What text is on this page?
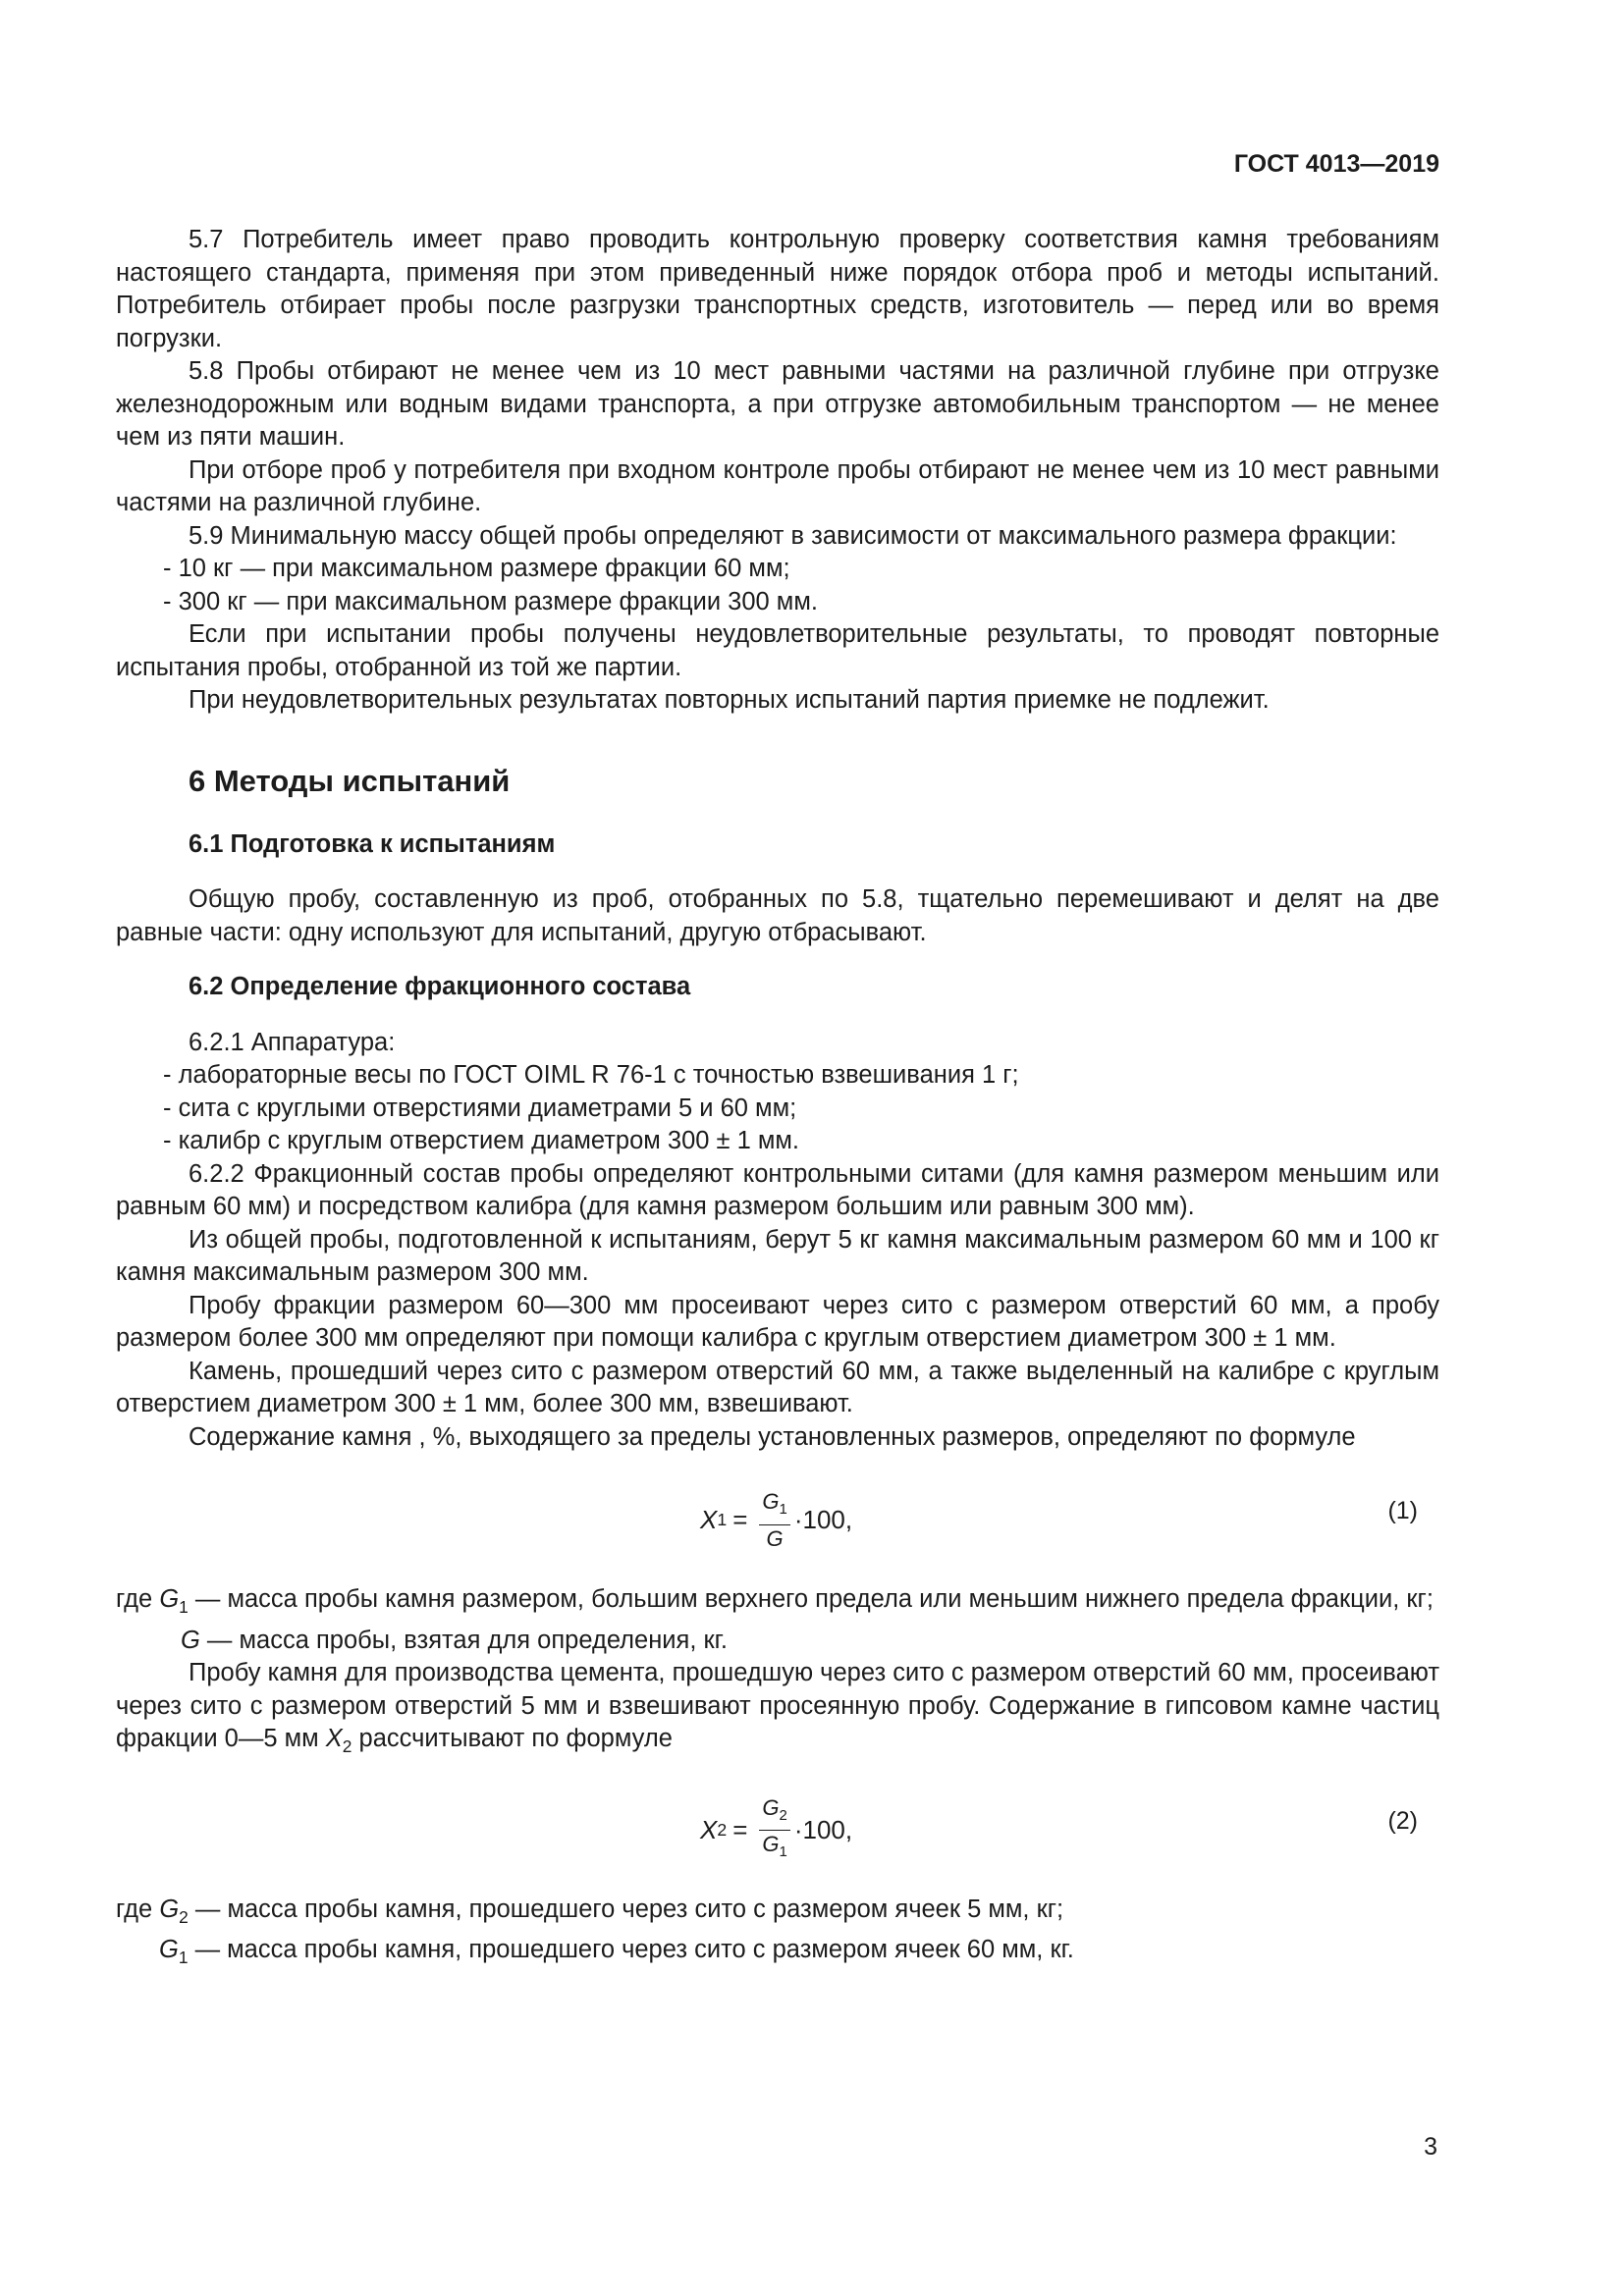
ГОСТ 4013—2019

5.7 Потребитель имеет право проводить контрольную проверку соответствия камня требованиям настоящего стандарта, применяя при этом приведенный ниже порядок отбора проб и методы испытаний. Потребитель отбирает пробы после разгрузки транспортных средств, изготовитель — перед или во время погрузки.

5.8 Пробы отбирают не менее чем из 10 мест равными частями на различной глубине при отгрузке железнодорожным или водным видами транспорта, а при отгрузке автомобильным транспортом — не менее чем из пяти машин.

При отборе проб у потребителя при входном контроле пробы отбирают не менее чем из 10 мест равными частями на различной глубине.

5.9 Минимальную массу общей пробы определяют в зависимости от максимального размера фракции:

- 10 кг — при максимальном размере фракции 60 мм;

- 300 кг — при максимальном размере фракции 300 мм.

Если при испытании пробы получены неудовлетворительные результаты, то проводят повторные испытания пробы, отобранной из той же партии.

При неудовлетворительных результатах повторных испытаний партия приемке не подлежит.

6 Методы испытаний
6.1 Подготовка к испытаниям

Общую пробу, составленную из проб, отобранных по 5.8, тщательно перемешивают и делят на две равные части: одну используют для испытаний, другую отбрасывают.

6.2 Определение фракционного состава

6.2.1 Аппаратура:

- лабораторные весы по ГОСТ OIML R 76-1 с точностью взвешивания 1 г;

- сита с круглыми отверстиями диаметрами 5 и 60 мм;

- калибр с круглым отверстием диаметром 300 ± 1 мм.

6.2.2 Фракционный состав пробы определяют контрольными ситами (для камня размером меньшим или равным 60 мм) и посредством калибра (для камня размером большим или равным 300 мм).

Из общей пробы, подготовленной к испытаниям, берут 5 кг камня максимальным размером 60 мм и 100 кг камня максимальным размером 300 мм.

Пробу фракции размером 60—300 мм просеивают через сито с размером отверстий 60 мм, а пробу размером более 300 мм определяют при помощи калибра с круглым отверстием диаметром 300 ± 1 мм.

Камень, прошедший через сито с размером отверстий 60 мм, а также выделенный на калибре с круглым отверстием диаметром 300 ± 1 мм, более 300 мм, взвешивают.

Содержание камня , %, выходящего за пределы установленных размеров, определяют по формуле

X $1 = \frac{G_1}{G} \cdot 100$,	(1)

где $G_1$ — масса пробы камня размером, большим верхнего предела или меньшим нижнего предела фракции, кг;

G — масса пробы, взятая для определения, кг.

Пробу камня для производства цемента, прошедшую через сито с размером отверстий 60 мм, просеивают через сито с размером отверстий 5 мм и взвешивают просеянную пробу. Содержание в гипсовом камне частиц фракции 0—5 мм $X_2$ рассчитывают по формуле

X $2 = \frac{G_2}{G_1} \cdot 100$,	(2)

где $G_2$ — масса пробы камня, прошедшего через сито с размером ячеек 5 мм, кг;

$G_1$ — масса пробы камня, прошедшего через сито с размером ячеек 60 мм, кг.

3
